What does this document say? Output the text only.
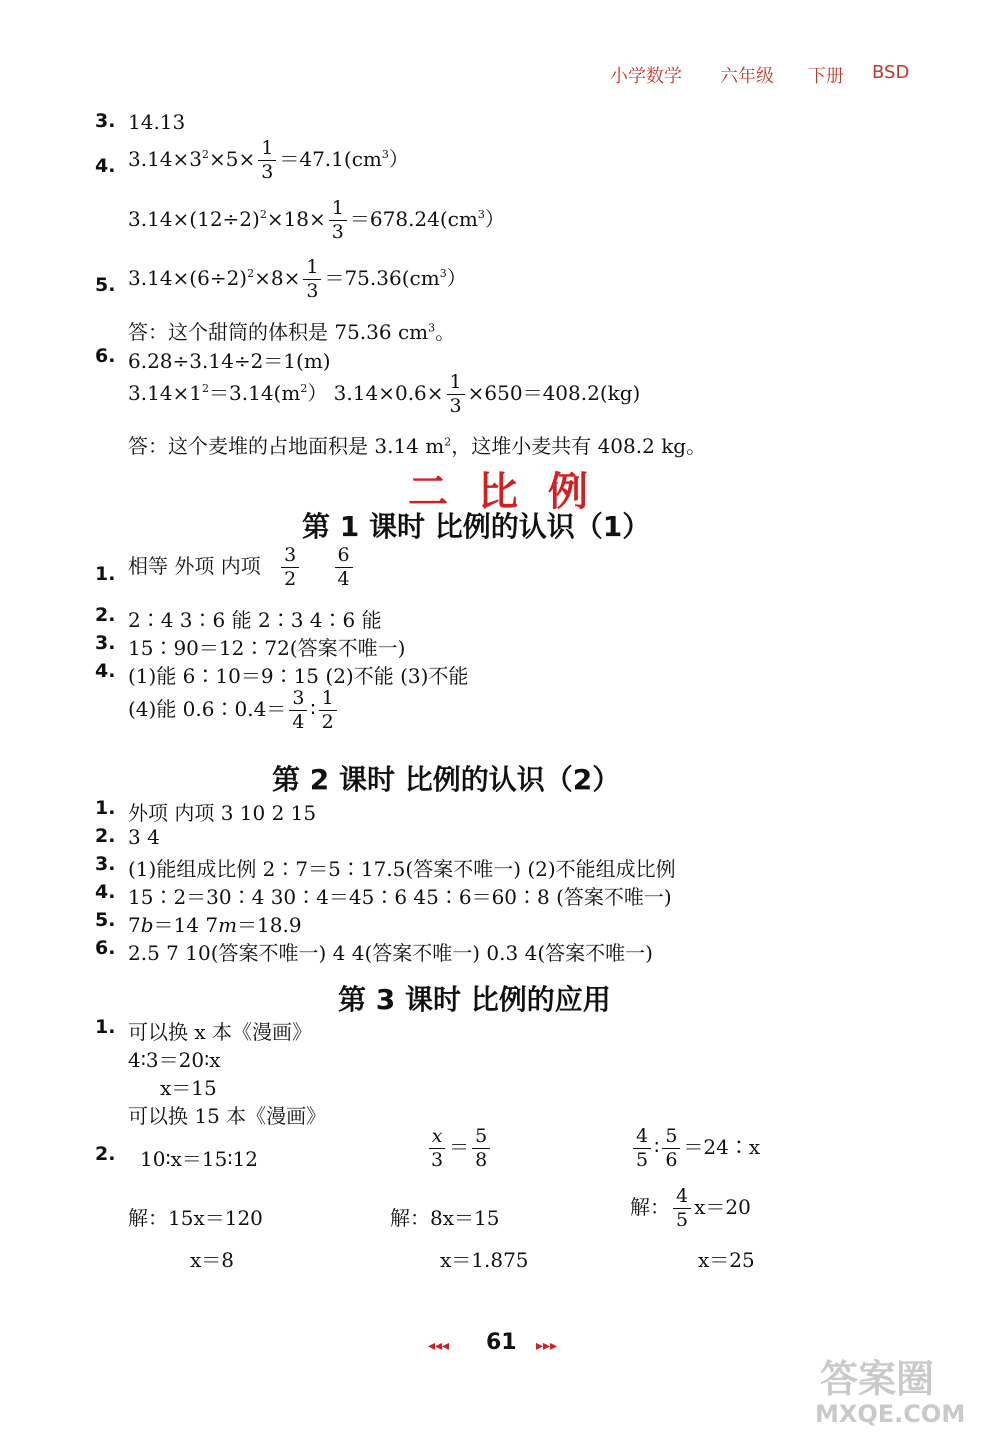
小学数学 六年级 下册 BSD
3. 14.13
4. $3.14\times 3^2\times 5\times \frac{1}{3} =47.1(cm^3)$
$3.14\times(12\div 2)^2\times 18\times \frac{1}{3} =678.24(cm^3)$
5. $3.14\times(6\div 2)^2\times 8\times \frac{1}{3} =75.36(cm^3)$
答：这个甜筒的体积是 75.36 $cm^3$。
6. 6.28÷3.14÷2＝1(m)
$3.14\times 1^2=3.14(m^2)$ $3.14\times 0.6\times \frac{1}{3} \times 650=408.2(kg)$
答：这个麦堆的占地面积是 3.14 $m^2$，这堆小麦共有 408.2 kg。
二比例
第 1 课时 比例的认识（1）
1. 相等 外项 内项 $\frac{3}{2}$
$\frac{6}{4}$
2. 2∶4 3∶6 能 2∶3 4∶6 能
3. 15∶90＝12∶72(答案不唯一)
4. (1)能 6∶10＝9∶15 (2)不能 (3)不能
(4)能 0.6∶0.4＝ $\frac{3}{4}$ ∶ $\frac{1}{2}$
第 2 课时 比例的认识（2）
1. 外项 内项 3 10 2 15
2. 3 4
3. (1)能组成比例 2∶7＝5∶17.5(答案不唯一) (2)不能组成比例
4. 15∶2＝30∶4 30∶4＝45∶6 45∶6＝60∶8 (答案不唯一)
5. 7b＝14 7m＝18.9
6. 2.5 7 10(答案不唯一) 4 4(答案不唯一) 0.3 4(答案不唯一)
第 3 课时 比例的应用
1. 可以换 x 本《漫画》
4∶3＝20∶x
x＝15
可以换 15 本《漫画》
2. 10∶x＝15∶12
解：15x＝120
x＝8
$\frac{x}{3} = \frac{5}{8}$
解：8x＝15
x＝1.875
$\frac{4}{5}$ ∶ $\frac{5}{6}$ ＝24∶x
解： $\frac{4}{5} x=20$
x＝25
◂◂◂ 61 ▸▸▸
答案圈
MXQE.COM
